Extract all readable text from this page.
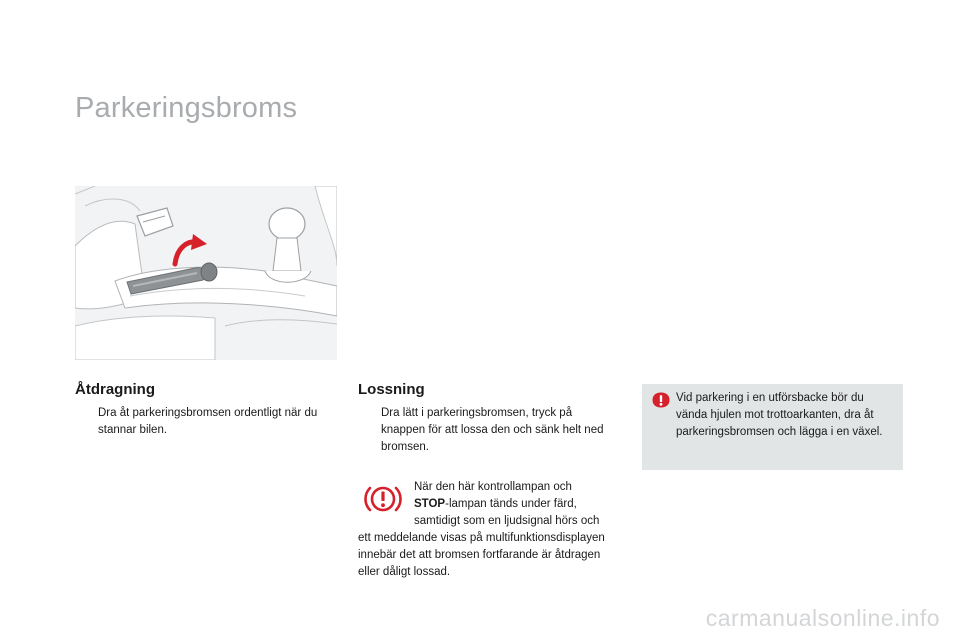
Parkeringsbroms
Åtdragning
Dra åt parkeringsbromsen ordentligt när du stannar bilen.
Lossning
Dra lätt i parkeringsbromsen, tryck på knappen för att lossa den och sänk helt ned bromsen.
När den här kontrollampan och
STOP-lampan tänds under färd, samtidigt som en ljudsignal hörs och
ett meddelande visas på multifunktionsdisplayen innebär det att bromsen fortfarande är åtdragen eller dåligt lossad.
Vid parkering i en utförsbacke bör du vända hjulen mot trottoarkanten, dra åt parkeringsbromsen och lägga i en växel.
carmanualsonline.info
